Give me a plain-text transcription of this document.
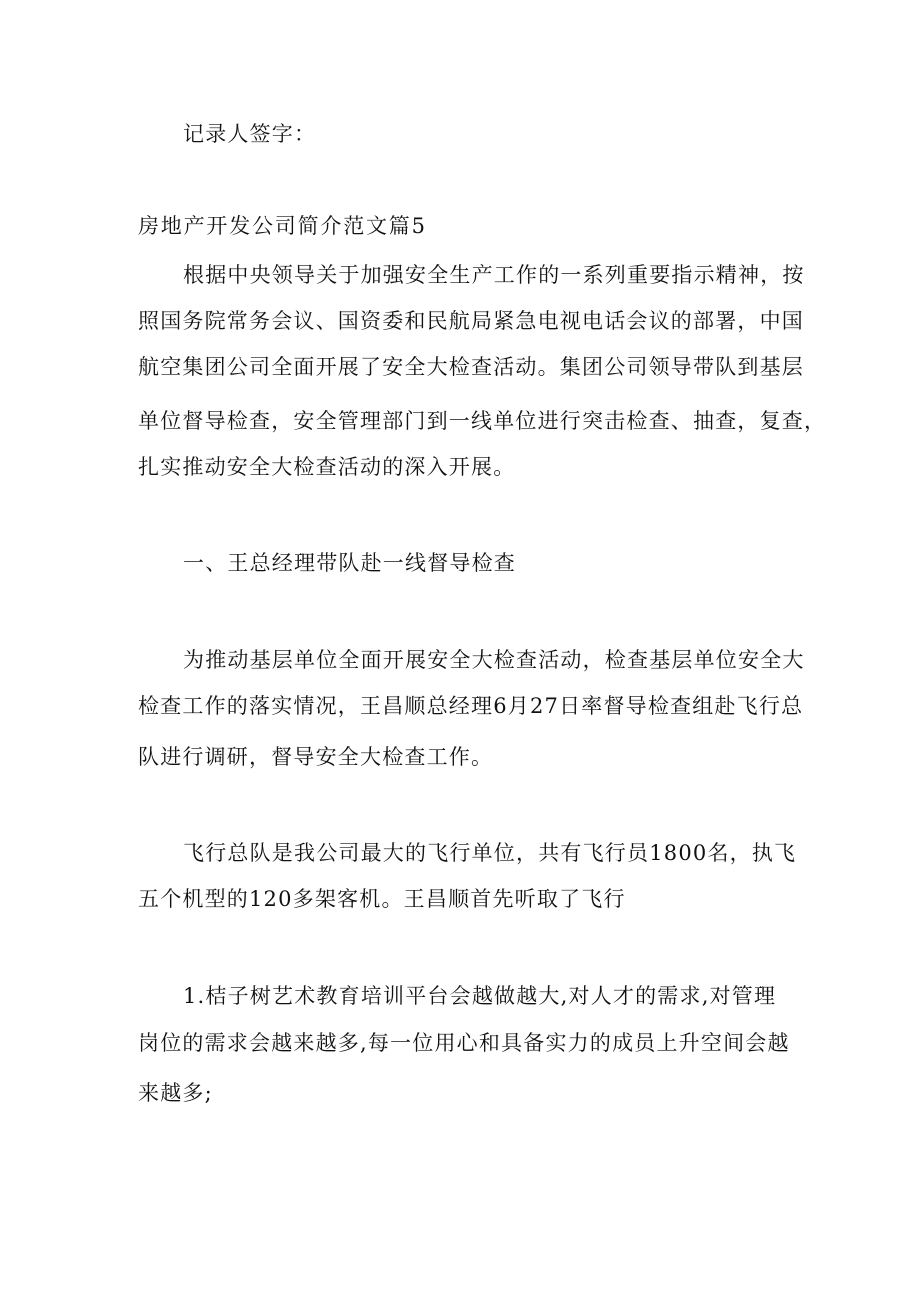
记录人签字：

房地产开发公司简介范文篇5

根据中央领导关于加强安全生产工作的一系列重要指示精神，按

照国务院常务会议、国资委和民航局紧急电视电话会议的部署，中国

航空集团公司全面开展了安全大检查活动。集团公司领导带队到基层

单位督导检查，安全管理部门到一线单位进行突击检查、抽查，复查，

扎实推动安全大检查活动的深入开展。

一、王总经理带队赴一线督导检查

为推动基层单位全面开展安全大检查活动，检查基层单位安全大

检查工作的落实情况，王昌顺总经理6月27日率督导检查组赴飞行总

队进行调研，督导安全大检查工作。

飞行总队是我公司最大的飞行单位，共有飞行员1800名，执飞

五个机型的120多架客机。王昌顺首先听取了飞行

1.桔子树艺术教育培训平台会越做越大,对人才的需求,对管理

岗位的需求会越来越多,每一位用心和具备实力的成员上升空间会越

来越多;
